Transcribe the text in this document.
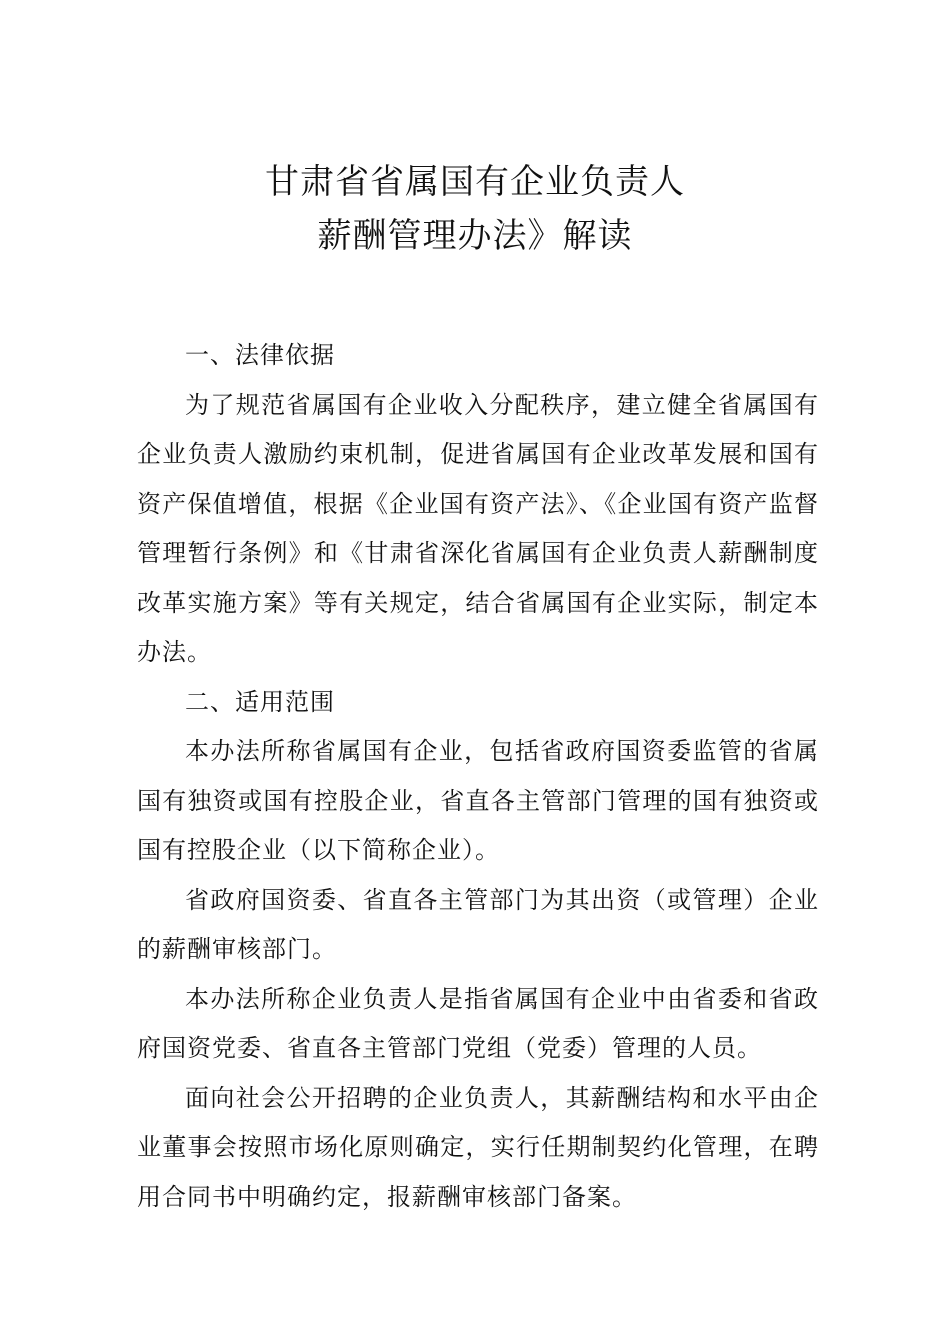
甘肃省省属国有企业负责人
薪酬管理办法》解读

一、法律依据

为了规范省属国有企业收入分配秩序，建立健全省属国有企业负责人激励约束机制，促进省属国有企业改革发展和国有资产保值增值，根据《企业国有资产法》、《企业国有资产监督管理暂行条例》和《甘肃省深化省属国有企业负责人薪酬制度改革实施方案》等有关规定，结合省属国有企业实际，制定本办法。

二、适用范围

本办法所称省属国有企业，包括省政府国资委监管的省属国有独资或国有控股企业，省直各主管部门管理的国有独资或国有控股企业（以下简称企业）。

省政府国资委、省直各主管部门为其出资（或管理）企业的薪酬审核部门。

本办法所称企业负责人是指省属国有企业中由省委和省政府国资党委、省直各主管部门党组（党委）管理的人员。

面向社会公开招聘的企业负责人，其薪酬结构和水平由企业董事会按照市场化原则确定，实行任期制契约化管理，在聘用合同书中明确约定，报薪酬审核部门备案。
